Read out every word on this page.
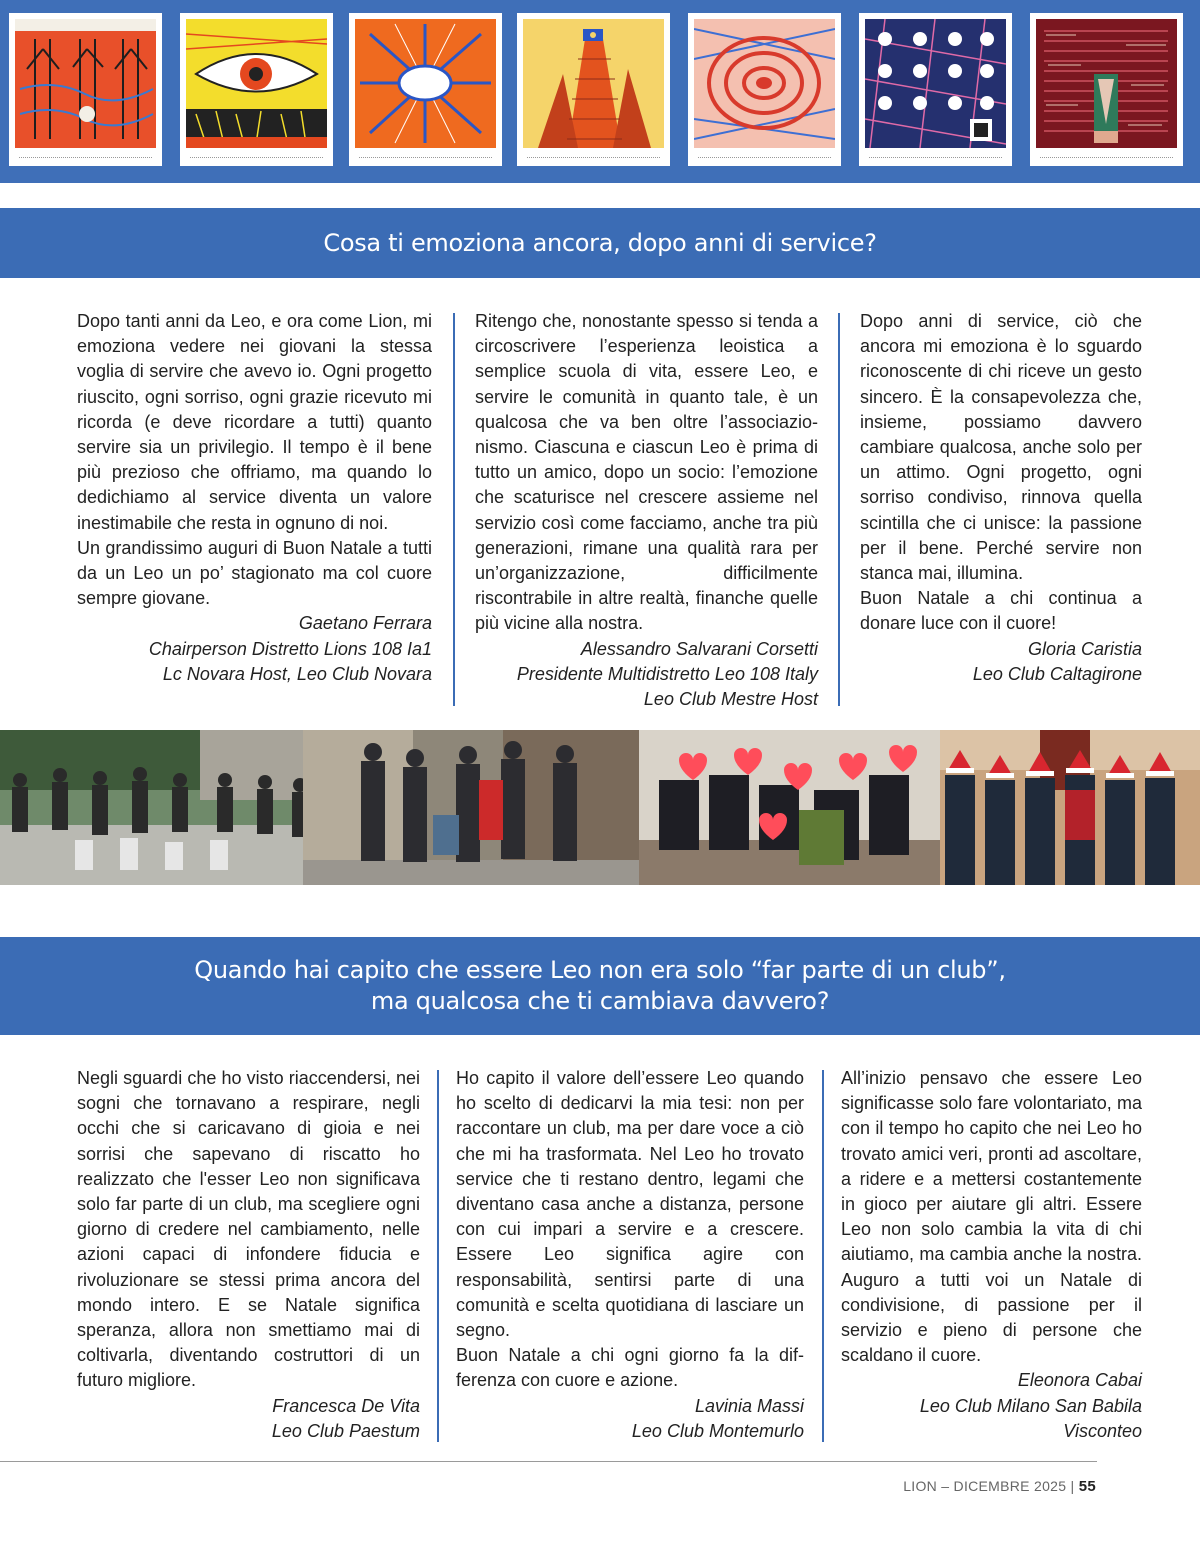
Cosa ti emoziona ancora, dopo anni di service?

Dopo tanti anni da Leo, e ora come Lion, mi emoziona vedere nei giovani la stessa voglia di servire che avevo io. Ogni progetto riuscito, ogni sorriso, ogni grazie ricevuto mi ricorda (e deve ricordare a tutti) quanto servire sia un privilegio. Il tempo è il bene più prezioso che offriamo, ma quando lo dedichiamo al service diventa un valore inestimabile che resta in ognuno di noi.

Un grandissimo auguri di Buon Natale a tutti da un Leo un po’ stagionato ma col cuore sempre giovane.

Gaetano Ferrara

Chairperson Distretto Lions 108 Ia1

Lc Novara Host, Leo Club Novara

Ritengo che, nonostante spesso si tenda a circoscrivere l’esperienza leoistica a semplice scuola di vita, essere Leo, e servire le comunità in quanto tale, è un qualcosa che va ben oltre l’associazionismo. Ciascuna e ciascun Leo è prima di tutto un amico, dopo un socio: l’emozione che scaturisce nel crescere assieme nel servizio così come facciamo, anche tra più generazioni, rimane una qualità rara per un’organizzazione, difficilmente riscontrabile in altre realtà, finanche quelle più vicine alla nostra.

Alessandro Salvarani Corsetti

Presidente Multidistretto Leo 108 Italy

Leo Club Mestre Host

Dopo anni di service, ciò che ancora mi emoziona è lo sguardo riconoscente di chi riceve un gesto sincero. È la consapevolezza che, insieme, possiamo davvero cambiare qualcosa, anche solo per un attimo. Ogni progetto, ogni sorriso condiviso, rinnova quella scintilla che ci unisce: la passione per il bene. Perché servire non stanca mai, illumina.

Buon Natale a chi continua a donare luce con il cuore!

Gloria Caristia

Leo Club Caltagirone

Quando hai capito che essere Leo non era solo “far parte di un club”,
ma qualcosa che ti cambiava davvero?

Negli sguardi che ho visto riaccendersi, nei sogni che tornavano a respirare, negli occhi che si caricavano di gioia e nei sorrisi che sapevano di riscatto ho realizzato che l'esser Leo non significava solo far parte di un club, ma scegliere ogni giorno di credere nel cambiamento, nelle azioni capaci di infondere fiducia e rivoluzionare se stessi prima ancora del mondo intero. E se Natale significa speranza, allora non smettiamo mai di coltivarla, diventando costruttori di un futuro migliore.

Francesca De Vita

Leo Club Paestum

Ho capito il valore dell’essere Leo quando ho scelto di dedicarvi la mia tesi: non per raccontare un club, ma per dare voce a ciò che mi ha trasformata. Nel Leo ho trovato service che ti restano dentro, legami che diventano casa anche a distanza, persone con cui impari a servire e a crescere. Essere Leo significa agire con responsabilità, sentirsi parte di una comunità e scelta quotidiana di lasciare un segno.

Buon Natale a chi ogni giorno fa la differenza con cuore e azione.

Lavinia Massi

Leo Club Montemurlo

All’inizio pensavo che essere Leo significasse solo fare volontariato, ma con il tempo ho capito che nei Leo ho trovato amici veri, pronti ad ascoltare, a ridere e a mettersi costantemente in gioco per aiutare gli altri. Essere Leo non solo cambia la vita di chi aiutiamo, ma cambia anche la nostra. Auguro a tutti voi un Natale di condivisione, di passione per il servizio e pieno di persone che scaldano il cuore.

Eleonora Cabai

Leo Club Milano San Babila

Visconteo

LION – DICEMBRE 2025 | 55
